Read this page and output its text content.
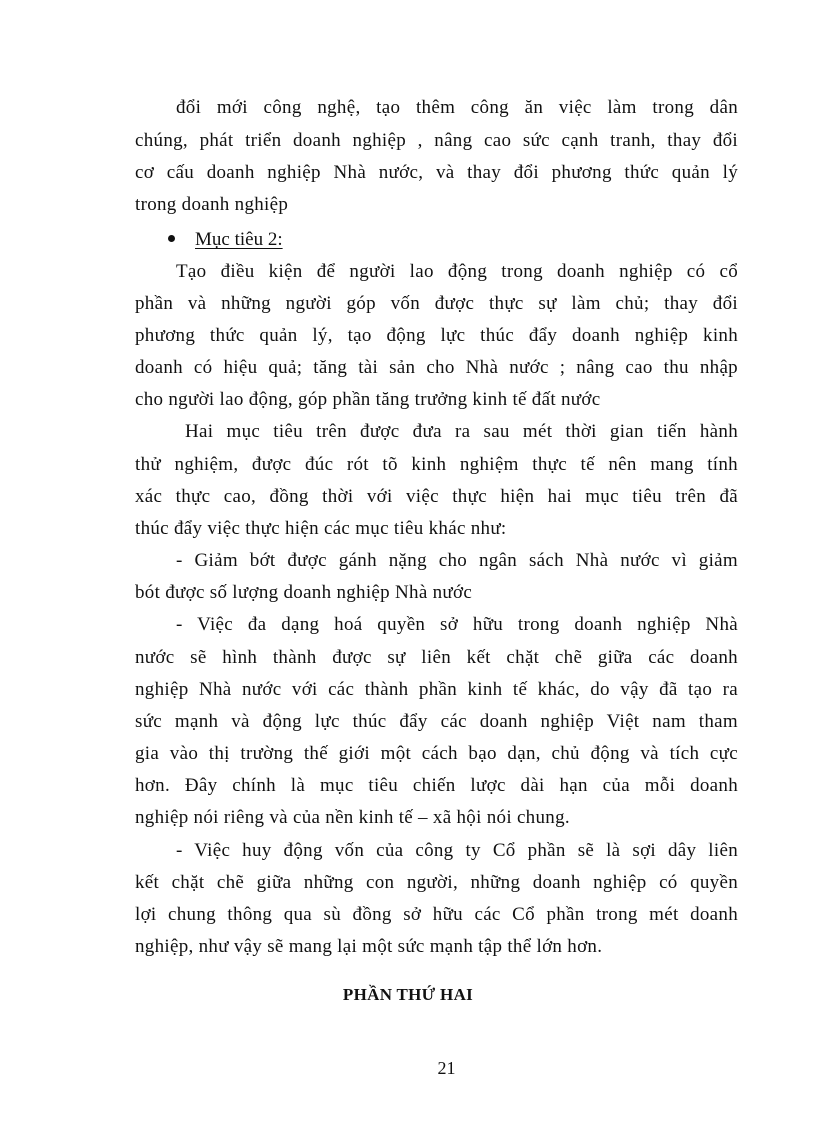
đổi mới công nghệ, tạo thêm công ăn việc làm trong dân
chúng, phát triển doanh nghiệp , nâng cao sức cạnh tranh, thay đổi
cơ cấu doanh nghiệp Nhà nước, và thay đổi phương thức quản lý
trong doanh nghiệp
Mục tiêu 2:
Tạo điều kiện để người lao động trong doanh nghiệp có cổ
phần và những người góp vốn được thực sự làm chủ; thay đổi
phương thức quản lý, tạo động lực thúc đẩy doanh nghiệp kinh
doanh có hiệu quả; tăng tài sản cho Nhà nước ; nâng cao thu nhập
cho người lao động, góp phần tăng trưởng kinh tế đất nước
Hai mục tiêu trên được đưa ra sau mét thời gian tiến hành
thử nghiệm, được đúc rót tõ kinh nghiệm thực tế nên mang tính
xác thực cao, đồng thời với việc thực hiện hai mục tiêu trên đã
thúc đẩy việc thực hiện các mục tiêu khác như:
- Giảm bớt được gánh nặng cho ngân sách Nhà nước vì giảm
bót được số lượng doanh nghiệp Nhà nước
- Việc đa dạng hoá quyền sở hữu trong doanh nghiệp Nhà
nước sẽ hình thành được sự liên kết chặt chẽ giữa các doanh
nghiệp Nhà nước với các thành phần kinh tế khác, do vậy đã tạo ra
sức mạnh và động lực thúc đẩy các doanh nghiệp Việt nam tham
gia vào thị trường thế giới một cách bạo dạn, chủ động và tích cực
hơn. Đây chính là mục tiêu chiến lược dài hạn của mỗi doanh
nghiệp nói riêng và của nền kinh tế – xã hội nói chung.
- Việc huy động vốn của công ty Cổ phần sẽ là sợi dây liên
kết chặt chẽ giữa những con người, những doanh nghiệp có quyền
lợi chung thông qua sù đồng sở hữu các Cổ phần trong mét doanh
nghiệp, như vậy sẽ mang lại một sức mạnh tập thể lớn hơn.
PHẦN THỨ HAI
21
